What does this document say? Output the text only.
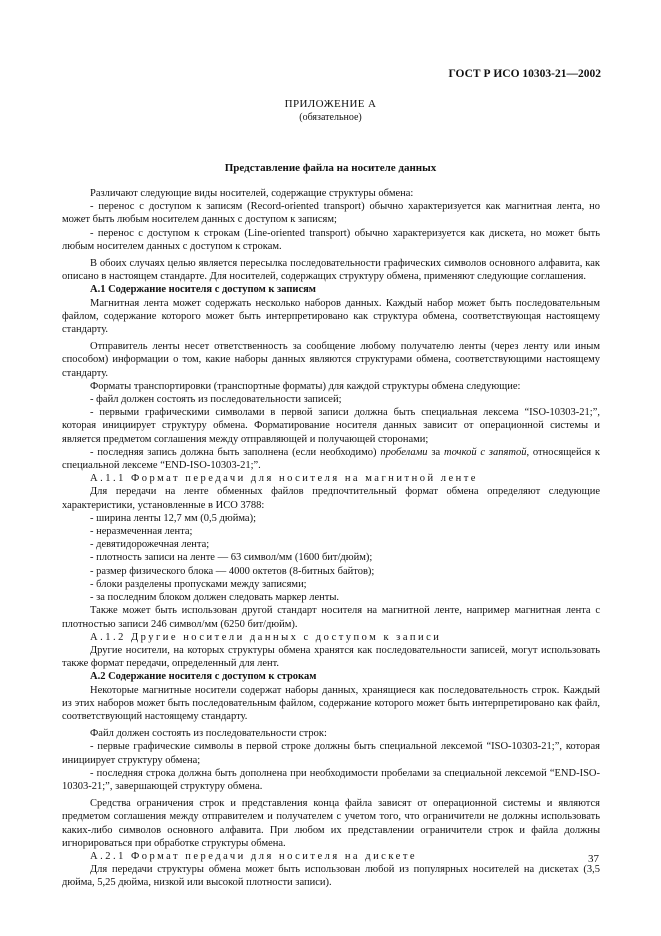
ГОСТ Р ИСО 10303-21—2002
ПРИЛОЖЕНИЕ А
(обязательное)
Представление файла на носителе данных

Различают следующие виды носителей, содержащие структуры обмена:

- перенос с доступом к записям (Record-oriented transport) обычно характеризуется как магнитная лента, но может быть любым носителем данных с доступом к записям;

- перенос с доступом к строкам (Line-oriented transport) обычно характеризуется как дискета, но может быть любым носителем данных с доступом к строкам.

В обоих случаях целью является пересылка последовательности графических символов основного алфавита, как описано в настоящем стандарте. Для носителей, содержащих структуру обмена, применяют следующие соглашения.

А.1 Содержание носителя с доступом к записям

Магнитная лента может содержать несколько наборов данных. Каждый набор может быть последовательным файлом, содержание которого может быть интерпретировано как структура обмена, соответствующая настоящему стандарту.

Отправитель ленты несет ответственность за сообщение любому получателю ленты (через ленту или иным способом) информации о том, какие наборы данных являются структурами обмена, соответствующими настоящему стандарту.

Форматы транспортировки (транспортные форматы) для каждой структуры обмена следующие:

- файл должен состоять из последовательности записей;

- первыми графическими символами в первой записи должна быть специальная лексема “ISO-10303-21;”, которая инициирует структуру обмена. Форматирование носителя данных зависит от операционной системы и является предметом соглашения между отправляющей и получающей сторонами;

- последняя запись должна быть заполнена (если необходимо) пробелами за точкой с запятой, относящейся к специальной лексеме “END-ISO-10303-21;”.

A.1.1 Формат передачи для носителя на магнитной ленте

Для передачи на ленте обменных файлов предпочтительный формат обмена определяют следующие характеристики, установленные в ИСО 3788:

- ширина ленты 12,7 мм (0,5 дюйма);

- неразмеченная лента;

- девятидорожечная лента;

- плотность записи на ленте — 63 символ/мм (1600 бит/дюйм);

- размер физического блока — 4000 октетов (8-битных байтов);

- блоки разделены пропусками между записями;

- за последним блоком должен следовать маркер ленты.

Также может быть использован другой стандарт носителя на магнитной ленте, например магнитная лента с плотностью записи 246 символ/мм (6250 бит/дюйм).

A.1.2 Другие носители данных с доступом к записи

Другие носители, на которых структуры обмена хранятся как последовательности записей, могут использовать также формат передачи, определенный для лент.

А.2 Содержание носителя с доступом к строкам

Некоторые магнитные носители содержат наборы данных, хранящиеся как последовательность строк. Каждый из этих наборов может быть последовательным файлом, содержание которого может быть интерпретировано как файл, соответствующий настоящему стандарту.

Файл должен состоять из последовательности строк:

- первые графические символы в первой строке должны быть специальной лексемой “ISO-10303-21;”, которая инициирует структуру обмена;

- последняя строка должна быть дополнена при необходимости пробелами за специальной лексемой “END-ISO-10303-21;”, завершающей структуру обмена.

Средства ограничения строк и представления конца файла зависят от операционной системы и являются предметом соглашения между отправителем и получателем с учетом того, что ограничители не должны использовать каких-либо символов основного алфавита. При любом их представлении ограничители строк и файла должны игнорироваться при обработке структуры обмена.

A.2.1 Формат передачи для носителя на дискете

Для передачи структуры обмена может быть использован любой из популярных носителей на дискетах (3,5 дюйма, 5,25 дюйма, низкой или высокой плотности записи).

37
